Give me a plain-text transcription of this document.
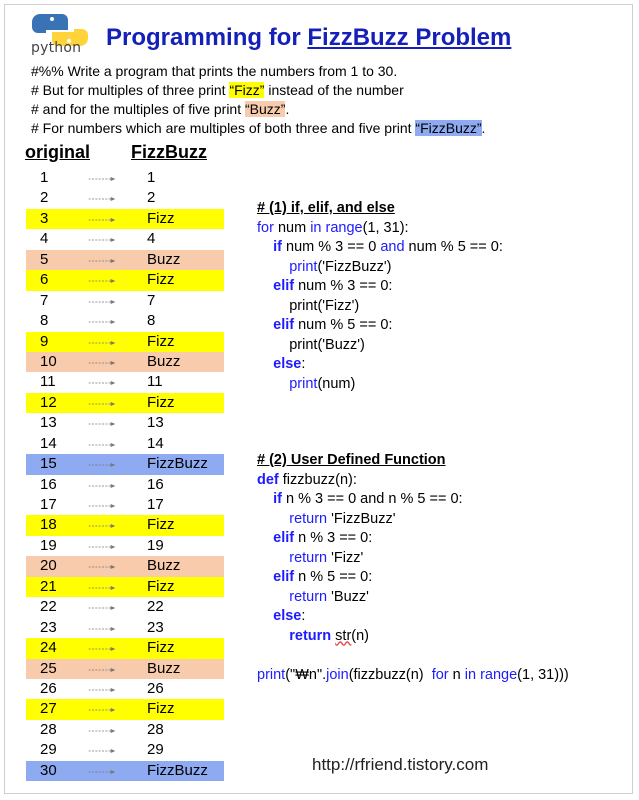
python Programming for FizzBuzz Problem
#%% Write a program that prints the numbers from 1 to 30.
# But for multiples of three print “Fizz” instead of the number
# and for the multiples of five print “Buzz”.
# For numbers which are multiples of both three and five print “FizzBuzz”.
original FizzBuzz
1	1
2	2
3	Fizz
4	4
5	Buzz
6	Fizz
7	7
8	8
9	Fizz
10	Buzz
11	11
12	Fizz
13	13
14	14
15	FizzBuzz
16	16
17	17
18	Fizz
19	19
20	Buzz
21	Fizz
22	22
23	23
24	Fizz
25	Buzz
26	26
27	Fizz
28	28
29	29
30	FizzBuzz
# (1) if, elif, and else
for num in range(1, 31):
if num % 3 == 0 and num % 5 == 0:
print('FizzBuzz')
elif num % 3 == 0:
print('Fizz')
elif num % 5 == 0:
print('Buzz')
else:
print(num)
# (2) User Defined Function
def fizzbuzz(n):
if n % 3 == 0 and n % 5 == 0:
return 'FizzBuzz'
elif n % 3 == 0:
return 'Fizz'
elif n % 5 == 0:
return 'Buzz'
else:
return str(n)

print("₩n".join(fizzbuzz(n)  for n in range(1, 31)))
http://rfriend.tistory.com
